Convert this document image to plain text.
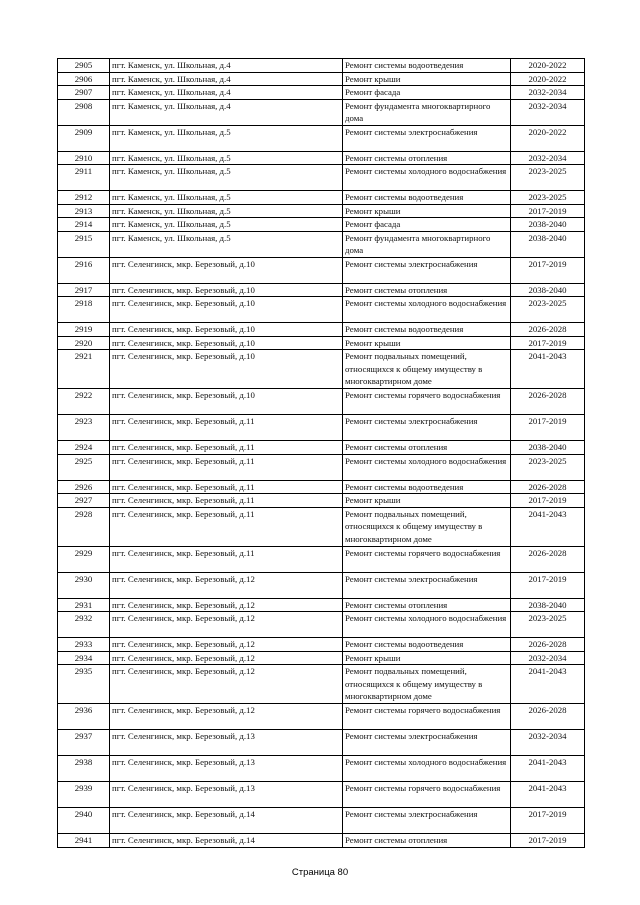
2905	пгт. Каменск, ул. Школьная, д.4	Ремонт системы водоотведения	2020-2022
2906	пгт. Каменск, ул. Школьная, д.4	Ремонт крыши	2020-2022
2907	пгт. Каменск, ул. Школьная, д.4	Ремонт фасада	2032-2034
2908	пгт. Каменск, ул. Школьная, д.4	Ремонт фундамента многоквартирного дома	2032-2034
2909	пгт. Каменск, ул. Школьная, д.5	Ремонт системы электроснабжения	2020-2022
2910	пгт. Каменск, ул. Школьная, д.5	Ремонт системы отопления	2032-2034
2911	пгт. Каменск, ул. Школьная, д.5	Ремонт системы холодного водоснабжения	2023-2025
2912	пгт. Каменск, ул. Школьная, д.5	Ремонт системы водоотведения	2023-2025
2913	пгт. Каменск, ул. Школьная, д.5	Ремонт крыши	2017-2019
2914	пгт. Каменск, ул. Школьная, д.5	Ремонт фасада	2038-2040
2915	пгт. Каменск, ул. Школьная, д.5	Ремонт фундамента многоквартирного дома	2038-2040
2916	пгт. Селенгинск, мкр. Березовый, д.10	Ремонт системы электроснабжения	2017-2019
2917	пгт. Селенгинск, мкр. Березовый, д.10	Ремонт системы отопления	2038-2040
2918	пгт. Селенгинск, мкр. Березовый, д.10	Ремонт системы холодного водоснабжения	2023-2025
2919	пгт. Селенгинск, мкр. Березовый, д.10	Ремонт системы водоотведения	2026-2028
2920	пгт. Селенгинск, мкр. Березовый, д.10	Ремонт крыши	2017-2019
2921	пгт. Селенгинск, мкр. Березовый, д.10	Ремонт подвальных помещений, относящихся к общему имуществу в многоквартирном доме	2041-2043
2922	пгт. Селенгинск, мкр. Березовый, д.10	Ремонт системы горячего водоснабжения	2026-2028
2923	пгт. Селенгинск, мкр. Березовый, д.11	Ремонт системы электроснабжения	2017-2019
2924	пгт. Селенгинск, мкр. Березовый, д.11	Ремонт системы отопления	2038-2040
2925	пгт. Селенгинск, мкр. Березовый, д.11	Ремонт системы холодного водоснабжения	2023-2025
2926	пгт. Селенгинск, мкр. Березовый, д.11	Ремонт системы водоотведения	2026-2028
2927	пгт. Селенгинск, мкр. Березовый, д.11	Ремонт крыши	2017-2019
2928	пгт. Селенгинск, мкр. Березовый, д.11	Ремонт подвальных помещений, относящихся к общему имуществу в многоквартирном доме	2041-2043
2929	пгт. Селенгинск, мкр. Березовый, д.11	Ремонт системы горячего водоснабжения	2026-2028
2930	пгт. Селенгинск, мкр. Березовый, д.12	Ремонт системы электроснабжения	2017-2019
2931	пгт. Селенгинск, мкр. Березовый, д.12	Ремонт системы отопления	2038-2040
2932	пгт. Селенгинск, мкр. Березовый, д.12	Ремонт системы холодного водоснабжения	2023-2025
2933	пгт. Селенгинск, мкр. Березовый, д.12	Ремонт системы водоотведения	2026-2028
2934	пгт. Селенгинск, мкр. Березовый, д.12	Ремонт крыши	2032-2034
2935	пгт. Селенгинск, мкр. Березовый, д.12	Ремонт подвальных помещений, относящихся к общему имуществу в многоквартирном доме	2041-2043
2936	пгт. Селенгинск, мкр. Березовый, д.12	Ремонт системы горячего водоснабжения	2026-2028
2937	пгт. Селенгинск, мкр. Березовый, д.13	Ремонт системы электроснабжения	2032-2034
2938	пгт. Селенгинск, мкр. Березовый, д.13	Ремонт системы холодного водоснабжения	2041-2043
2939	пгт. Селенгинск, мкр. Березовый, д.13	Ремонт системы горячего водоснабжения	2041-2043
2940	пгт. Селенгинск, мкр. Березовый, д.14	Ремонт системы электроснабжения	2017-2019
2941	пгт. Селенгинск, мкр. Березовый, д.14	Ремонт системы отопления	2017-2019
Страница 80
